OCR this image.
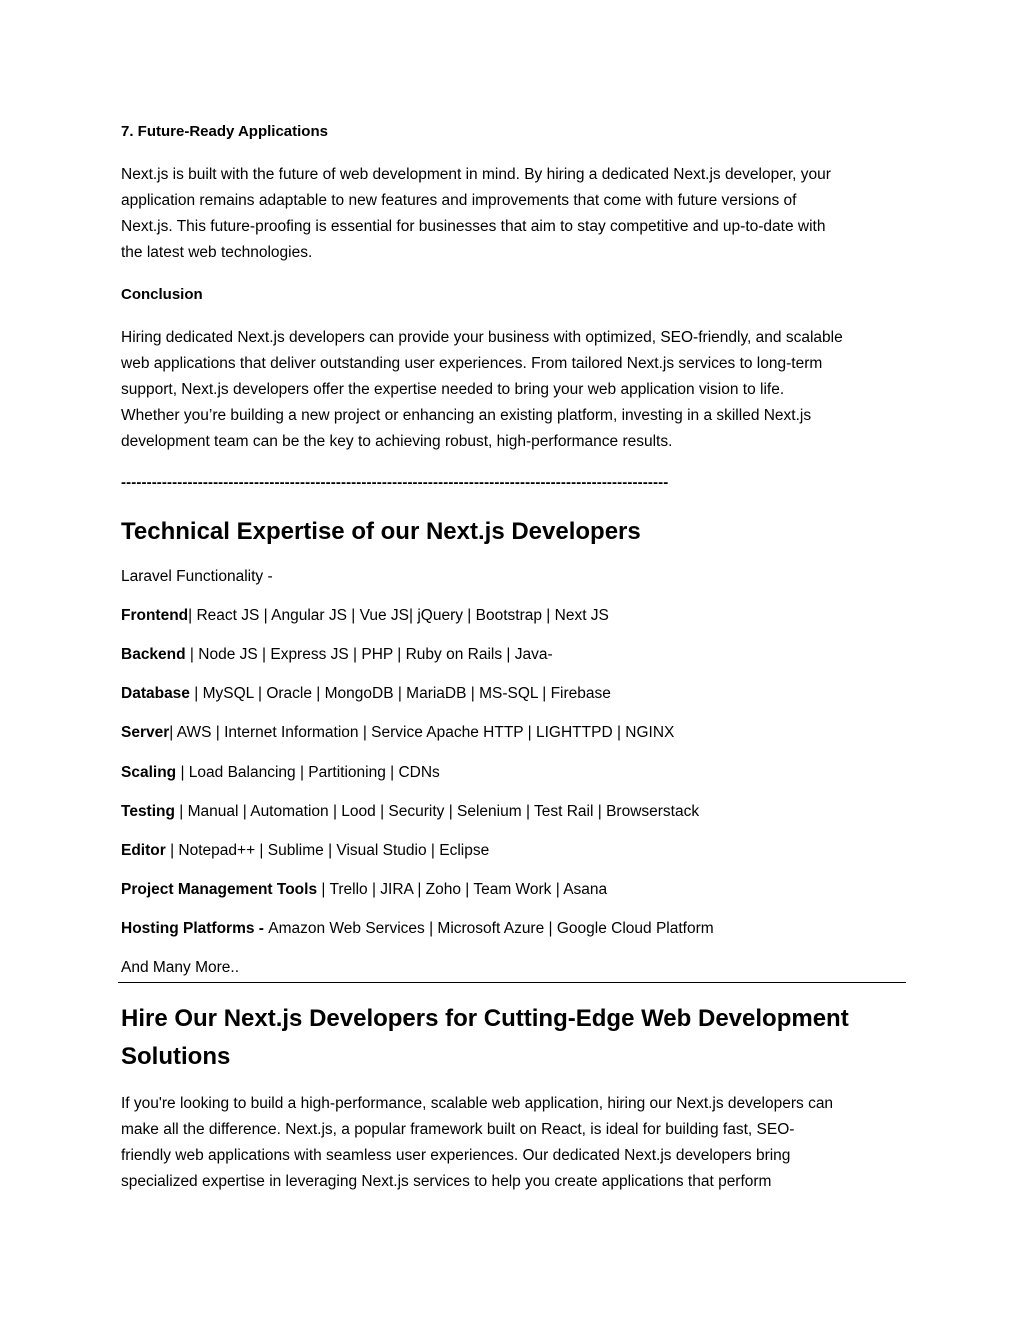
7. Future-Ready Applications

Next.js is built with the future of web development in mind. By hiring a dedicated Next.js developer, your
application remains adaptable to new features and improvements that come with future versions of
Next.js. This future-proofing is essential for businesses that aim to stay competitive and up-to-date with
the latest web technologies.

Conclusion

Hiring dedicated Next.js developers can provide your business with optimized, SEO-friendly, and scalable
web applications that deliver outstanding user experiences. From tailored Next.js services to long-term
support, Next.js developers offer the expertise needed to bring your web application vision to life.
Whether you’re building a new project or enhancing an existing platform, investing in a skilled Next.js
development team can be the key to achieving robust, high-performance results.

-----------------------------------------------------------------------------------------------------------
Technical Expertise of our Next.js Developers

Laravel Functionality -

Frontend| React JS | Angular JS | Vue JS| jQuery | Bootstrap | Next JS

Backend | Node JS | Express JS | PHP | Ruby on Rails | Java-

Database | MySQL | Oracle | MongoDB | MariaDB | MS-SQL | Firebase

Server| AWS | Internet Information | Service Apache HTTP | LIGHTTPD | NGINX

Scaling | Load Balancing | Partitioning | CDNs

Testing | Manual | Automation | Lood | Security | Selenium | Test Rail | Browserstack

Editor | Notepad++ | Sublime | Visual Studio | Eclipse

Project Management Tools | Trello | JIRA | Zoho | Team Work | Asana

Hosting Platforms - Amazon Web Services | Microsoft Azure | Google Cloud Platform

And Many More..

Hire Our Next.js Developers for Cutting-Edge Web Development
Solutions

If you're looking to build a high-performance, scalable web application, hiring our Next.js developers can
make all the difference. Next.js, a popular framework built on React, is ideal for building fast, SEO-
friendly web applications with seamless user experiences. Our dedicated Next.js developers bring
specialized expertise in leveraging Next.js services to help you create applications that perform
